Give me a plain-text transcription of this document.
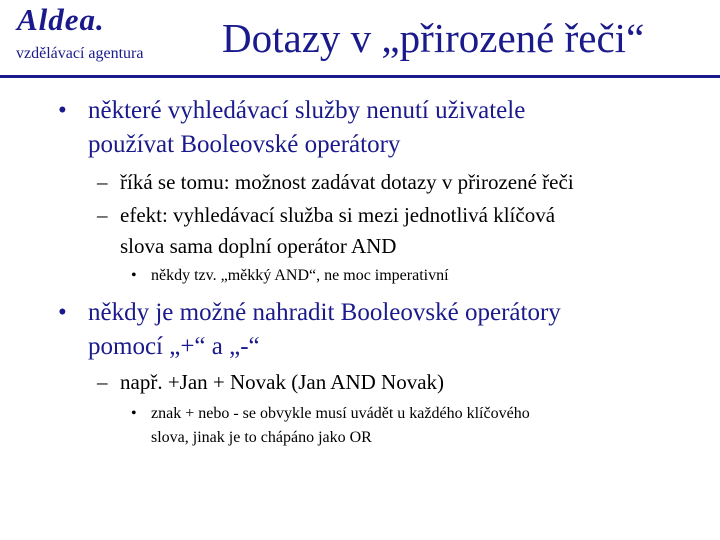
Aldea.
vzdělávací agentura Dotazy v „přirozené řeči“
• některé vyhledávací služby nenutí uživatele
používat Booleovské operátory
– říká se tomu: možnost zadávat dotazy v přirozené řeči
– efekt: vyhledávací služba si mezi jednotlivá klíčová
slova sama doplní operátor AND
• někdy tzv. „měkký AND“, ne moc imperativní
• někdy je možné nahradit Booleovské operátory
pomocí „+“ a „-“
– např. +Jan + Novak (Jan AND Novak)
• znak + nebo - se obvykle musí uvádět u každého klíčového
slova, jinak je to chápáno jako OR
